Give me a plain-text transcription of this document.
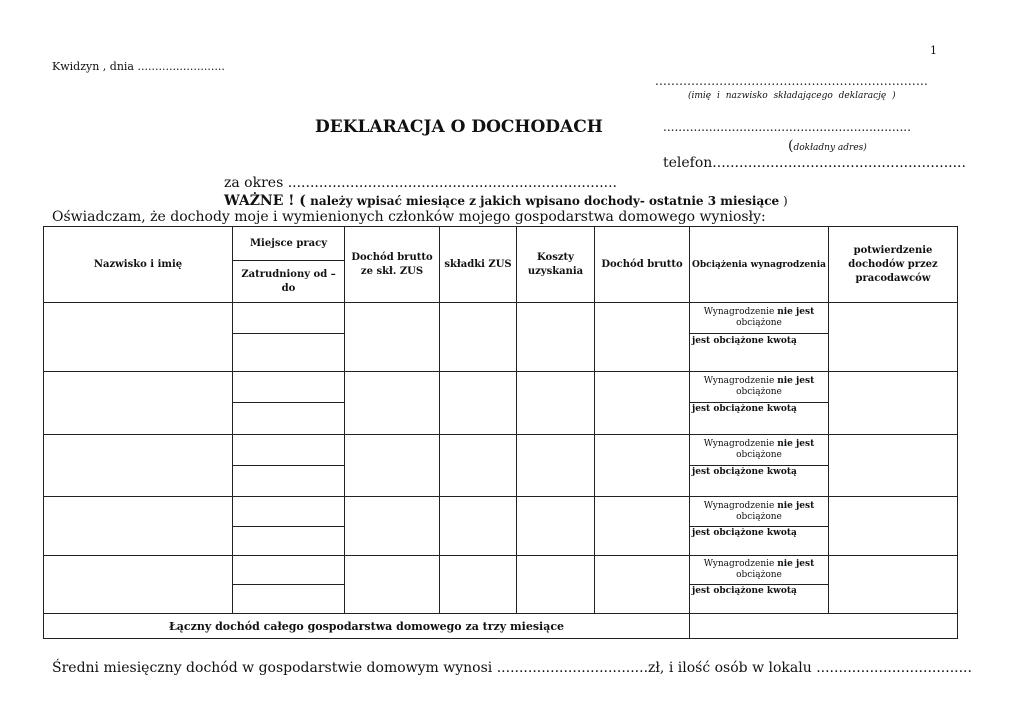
1
Kwidzyn , dnia .........................
....................................................................
(imię i nazwisko składającego deklarację )
DEKLARACJA O DOCHODACH	.................................................................
(dokładny adres)
telefon.........................................................
za okres ..........................................................................
WAŻNE ! ( należy wpisać miesiące z jakich wpisano dochody- ostatnie 3 miesiące )
Oświadczam, że dochody moje i wymienionych członków mojego gospodarstwa domowego wyniosły:
Nazwisko i imię	Miejsce pracy	Dochód brutto ze skł. ZUS	składki ZUS	Koszty uzyskania	Dochód brutto	Obciążenia wynagrodzenia	potwierdzenie dochodów przez pracodawców
	Zatrudniony od – do						
						Wynagrodzenie nie jest
obciążone	
						jest obciążone kwotą	
						Wynagrodzenie nie jest
obciążone	
						jest obciążone kwotą	
						Wynagrodzenie nie jest
obciążone	
						jest obciążone kwotą	
						Wynagrodzenie nie jest
obciążone	
						jest obciążone kwotą	
						Wynagrodzenie nie jest
obciążone	
						jest obciążone kwotą	
Łączny dochód całego gospodarstwa domowego za trzy miesiące							
Średni miesięczny dochód w gospodarstwie domowym wynosi ..................................zł, i ilość osób w lokalu ...................................
